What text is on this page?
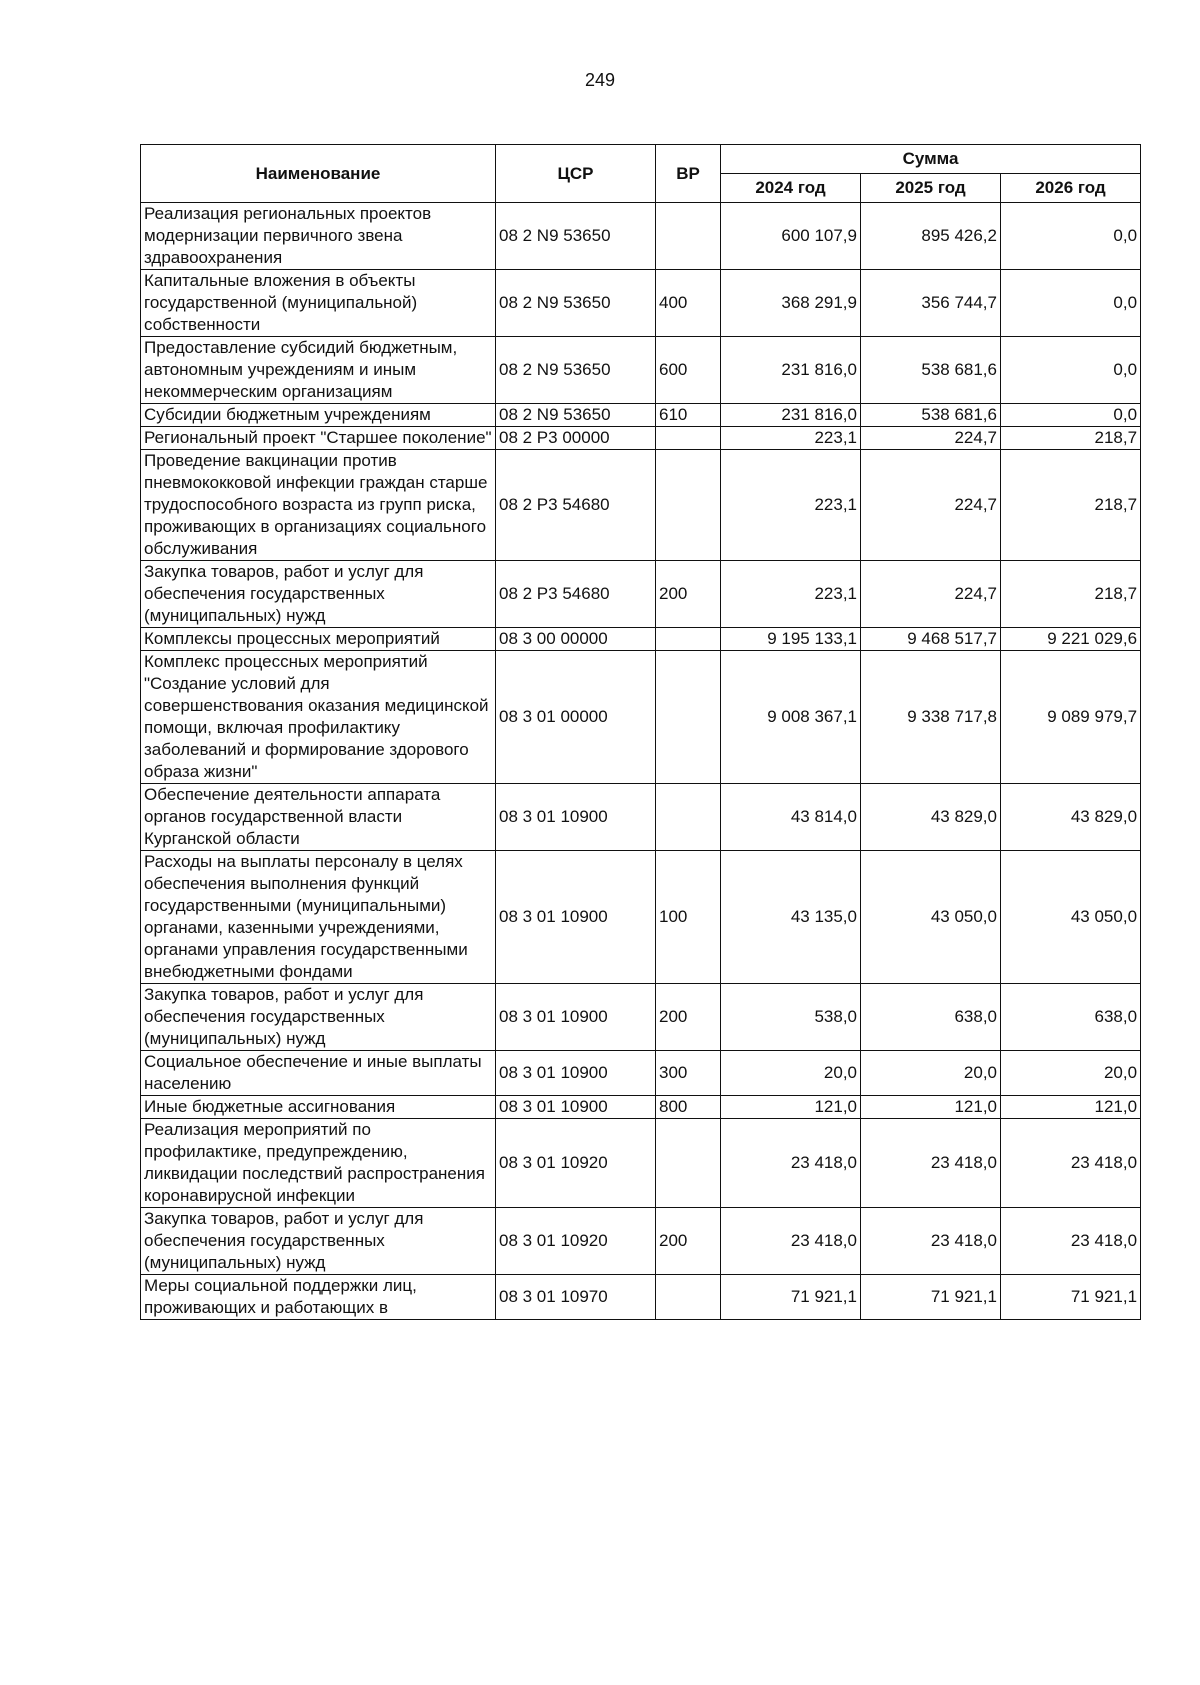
249
Наименование	ЦСР	ВР	Сумма		
			2024 год	2025 год	2026 год
Реализация региональных проектов модернизации первичного звена здравоохранения	08 2 N9 53650		600 107,9	895 426,2	0,0
Капитальные вложения в объекты государственной (муниципальной) собственности	08 2 N9 53650	400	368 291,9	356 744,7	0,0
Предоставление субсидий бюджетным, автономным учреждениям и иным некоммерческим организациям	08 2 N9 53650	600	231 816,0	538 681,6	0,0
Субсидии бюджетным учреждениям	08 2 N9 53650	610	231 816,0	538 681,6	0,0
Региональный проект "Старшее поколение"	08 2 P3 00000		223,1	224,7	218,7
Проведение вакцинации против пневмококковой инфекции граждан старше трудоспособного возраста из групп риска, проживающих в организациях социального обслуживания	08 2 P3 54680		223,1	224,7	218,7
Закупка товаров, работ и услуг для обеспечения государственных (муниципальных) нужд	08 2 P3 54680	200	223,1	224,7	218,7
Комплексы процессных мероприятий	08 3 00 00000		9 195 133,1	9 468 517,7	9 221 029,6
Комплекс процессных мероприятий "Создание условий для совершенствования оказания медицинской помощи, включая профилактику заболеваний и формирование здорового образа жизни"	08 3 01 00000		9 008 367,1	9 338 717,8	9 089 979,7
Обеспечение деятельности аппарата органов государственной власти Курганской области	08 3 01 10900		43 814,0	43 829,0	43 829,0
Расходы на выплаты персоналу в целях обеспечения выполнения функций государственными (муниципальными) органами, казенными учреждениями, органами управления государственными внебюджетными фондами	08 3 01 10900	100	43 135,0	43 050,0	43 050,0
Закупка товаров, работ и услуг для обеспечения государственных (муниципальных) нужд	08 3 01 10900	200	538,0	638,0	638,0
Социальное обеспечение и иные выплаты населению	08 3 01 10900	300	20,0	20,0	20,0
Иные бюджетные ассигнования	08 3 01 10900	800	121,0	121,0	121,0
Реализация мероприятий по профилактике, предупреждению, ликвидации последствий распространения коронавирусной инфекции	08 3 01 10920		23 418,0	23 418,0	23 418,0
Закупка товаров, работ и услуг для обеспечения государственных (муниципальных) нужд	08 3 01 10920	200	23 418,0	23 418,0	23 418,0
Меры социальной поддержки лиц, проживающих и работающих в	08 3 01 10970		71 921,1	71 921,1	71 921,1
